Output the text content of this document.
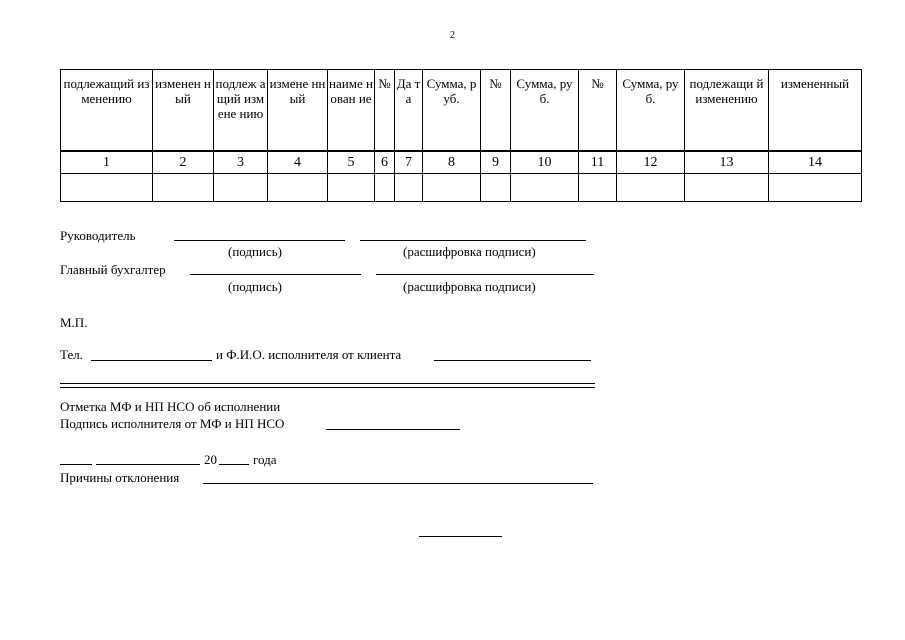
2
подлежащий изменению	изменен ный	подлеж ащий измене нию	измене нный	наиме нован ие	№	Да та	Сумма, руб.	№	Сумма, руб.	№	Сумма, руб.	подлежащи й изменению	измененный
1	2	3	4	5	6	7	8	9	10	11	12	13	14

Руководитель
(подпись)	(расшифровка подписи)
Главный бухгалтер
(подпись)	(расшифровка подписи)
М.П.
Тел.	и Ф.И.О. исполнителя от клиента
Отметка МФ и НП НСО об исполнении
Подпись исполнителя от МФ и НП НСО
20	года
Причины отклонения
